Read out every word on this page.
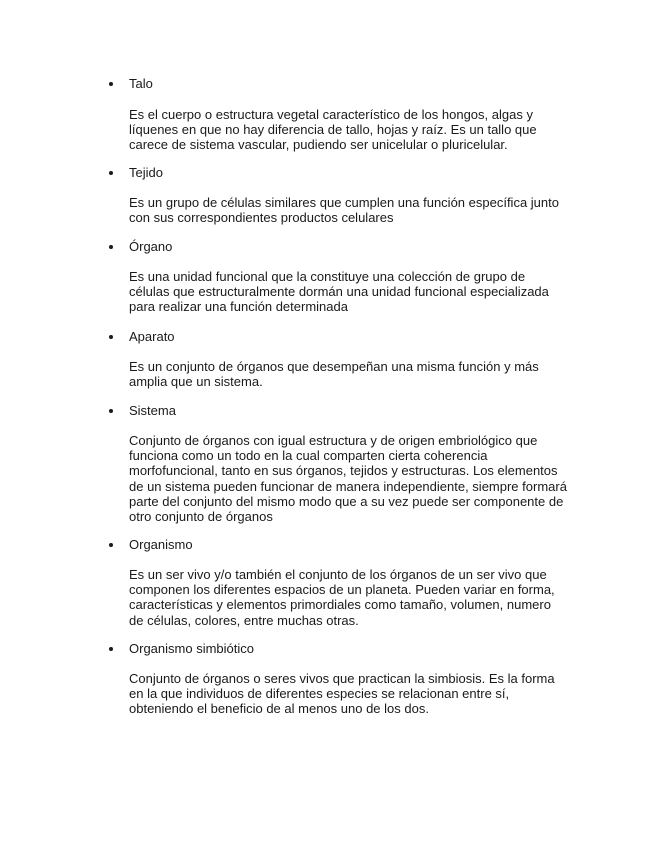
Talo

Es el cuerpo o estructura vegetal característico de los hongos, algas y
líquenes en que no hay diferencia de tallo, hojas y raíz. Es un tallo que
carece de sistema vascular, pudiendo ser unicelular o pluricelular.

Tejido

Es un grupo de células similares que cumplen una función específica junto
con sus correspondientes productos celulares

Órgano

Es una unidad funcional que la constituye una colección de grupo de
células que estructuralmente dormán una unidad funcional especializada
para realizar una función determinada

Aparato

Es un conjunto de órganos que desempeñan una misma función y más
amplia que un sistema.

Sistema

Conjunto de órganos con igual estructura y de origen embriológico que
funciona como un todo en la cual comparten cierta coherencia
morfofuncional, tanto en sus órganos, tejidos y estructuras. Los elementos
de un sistema pueden funcionar de manera independiente, siempre formará
parte del conjunto del mismo modo que a su vez puede ser componente de
otro conjunto de órganos

Organismo

Es un ser vivo y/o también el conjunto de los órganos de un ser vivo que
componen los diferentes espacios de un planeta. Pueden variar en forma,
características y elementos primordiales como tamaño, volumen, numero
de células, colores, entre muchas otras.

Organismo simbiótico

Conjunto de órganos o seres vivos que practican la simbiosis. Es la forma
en la que individuos de diferentes especies se relacionan entre sí,
obteniendo el beneficio de al menos uno de los dos.
